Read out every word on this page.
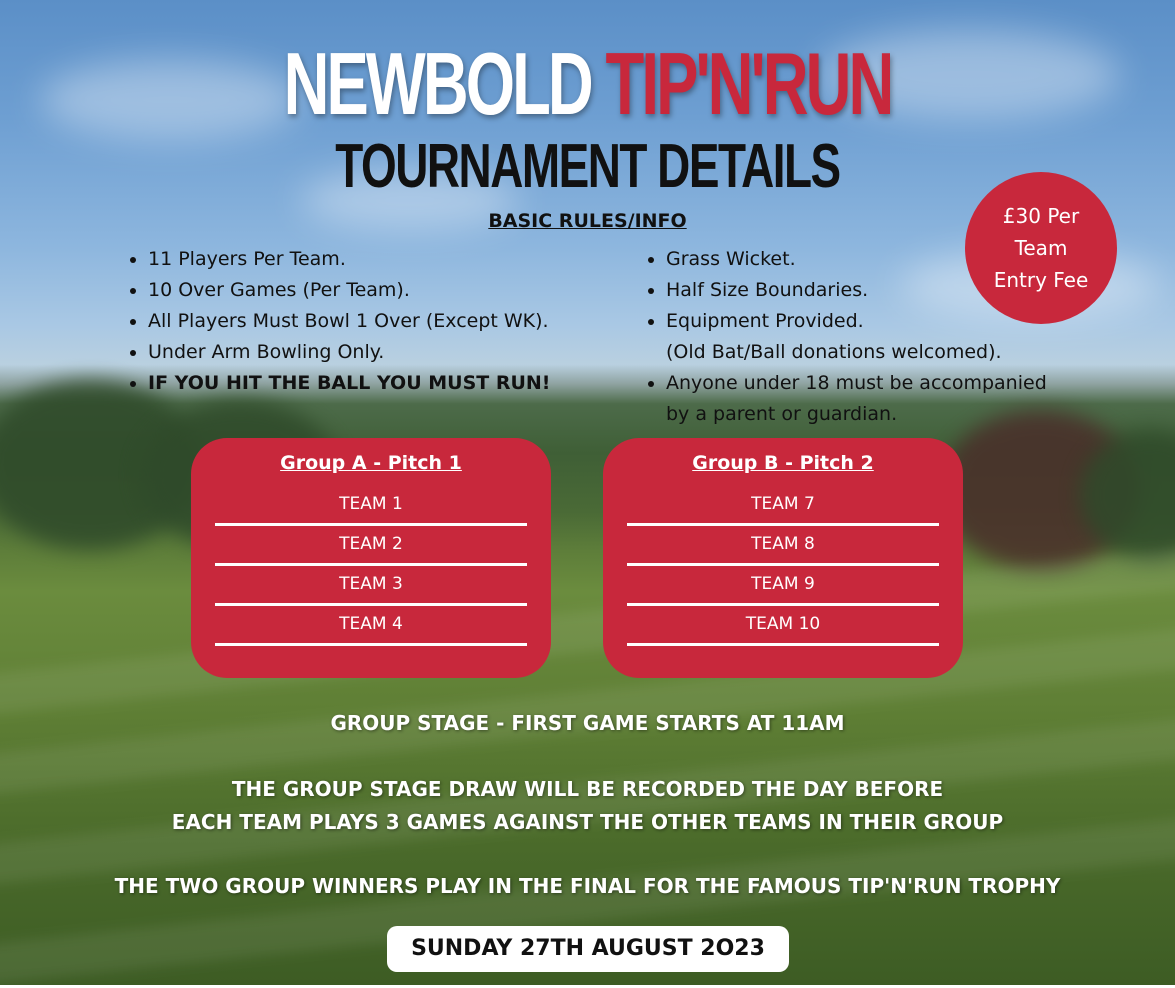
NEWBOLD TIP'N'RUN
TOURNAMENT DETAILS
BASIC RULES/INFO
• 11 Players Per Team.
• 10 Over Games (Per Team).
• All Players Must Bowl 1 Over (Except WK).
• Under Arm Bowling Only.
• IF YOU HIT THE BALL YOU MUST RUN!
• Grass Wicket.
• Half Size Boundaries.
• Equipment Provided.
(Old Bat/Ball donations welcomed).
• Anyone under 18 must be accompanied
by a parent or guardian.
£30 Per
Team
Entry Fee
Group A - Pitch 1
TEAM 1
TEAM 2
TEAM 3
TEAM 4
Group B - Pitch 2
TEAM 7
TEAM 8
TEAM 9
TEAM 10
GROUP STAGE - FIRST GAME STARTS AT 11AM
THE GROUP STAGE DRAW WILL BE RECORDED THE DAY BEFORE
EACH TEAM PLAYS 3 GAMES AGAINST THE OTHER TEAMS IN THEIR GROUP
THE TWO GROUP WINNERS PLAY IN THE FINAL FOR THE FAMOUS TIP'N'RUN TROPHY
SUNDAY 27TH AUGUST 2O23
